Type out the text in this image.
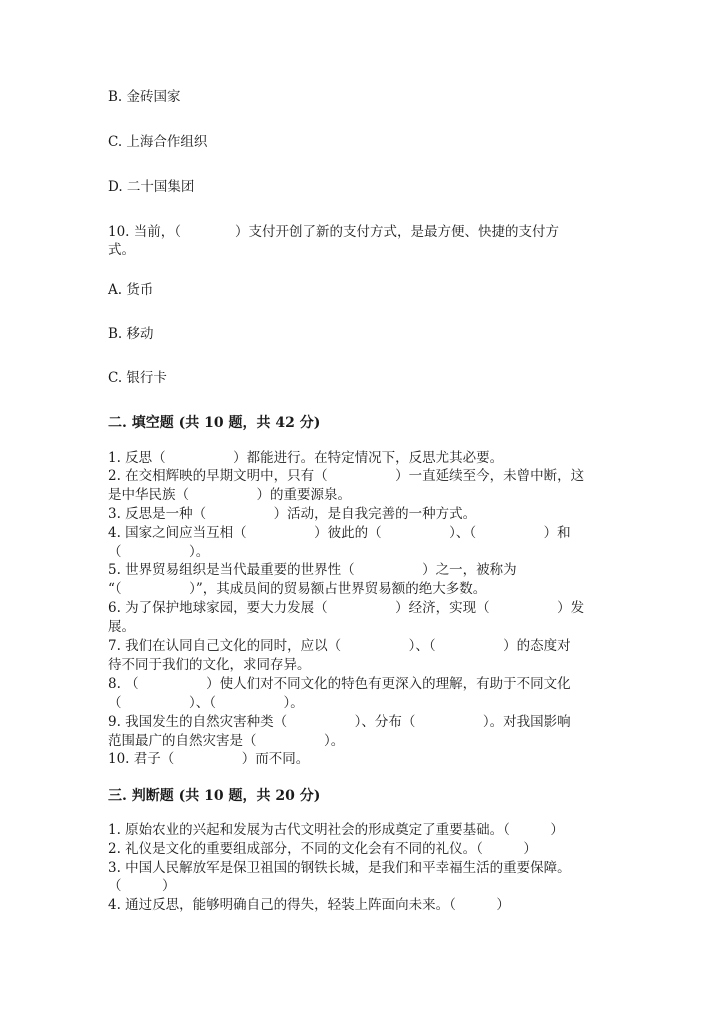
B. 金砖国家
C. 上海合作组织
D. 二十国集团
10. 当前，（　　　　）支付开创了新的支付方式，是最方便、快捷的支付方
式。
A. 货币
B. 移动
C. 银行卡
二. 填空题 (共 10 题，共 42 分)
1. 反思（　　　　　）都能进行。在特定情况下，反思尤其必要。
2. 在交相辉映的早期文明中，只有（　　　　　）一直延续至今，未曾中断，这
是中华民族（　　　　　）的重要源泉。
3. 反思是一种（　　　　　）活动，是自我完善的一种方式。
4. 国家之间应当互相（　　　　　）彼此的（　　　　　）、（　　　　　）和
（　　　　　）。
5. 世界贸易组织是当代最重要的世界性（　　　　　）之一，被称为
“（　　　　　）”，其成员间的贸易额占世界贸易额的绝大多数。
6. 为了保护地球家园，要大力发展（　　　　　）经济，实现（　　　　　）发
展。
7. 我们在认同自己文化的同时，应以（　　　　　）、（　　　　　）的态度对
待不同于我们的文化，求同存异。
8. （　　　　　）使人们对不同文化的特色有更深入的理解，有助于不同文化
（　　　　　）、（　　　　　）。
9. 我国发生的自然灾害种类（　　　　　）、分布（　　　　　）。对我国影响
范围最广的自然灾害是（　　　　　）。
10. 君子（　　　　　）而不同。
三. 判断题 (共 10 题，共 20 分)
1. 原始农业的兴起和发展为古代文明社会的形成奠定了重要基础。（　　　）
2. 礼仪是文化的重要组成部分，不同的文化会有不同的礼仪。（　　　）
3. 中国人民解放军是保卫祖国的钢铁长城，是我们和平幸福生活的重要保障。
（　　　）
4. 通过反思，能够明确自己的得失，轻装上阵面向未来。（　　　）
